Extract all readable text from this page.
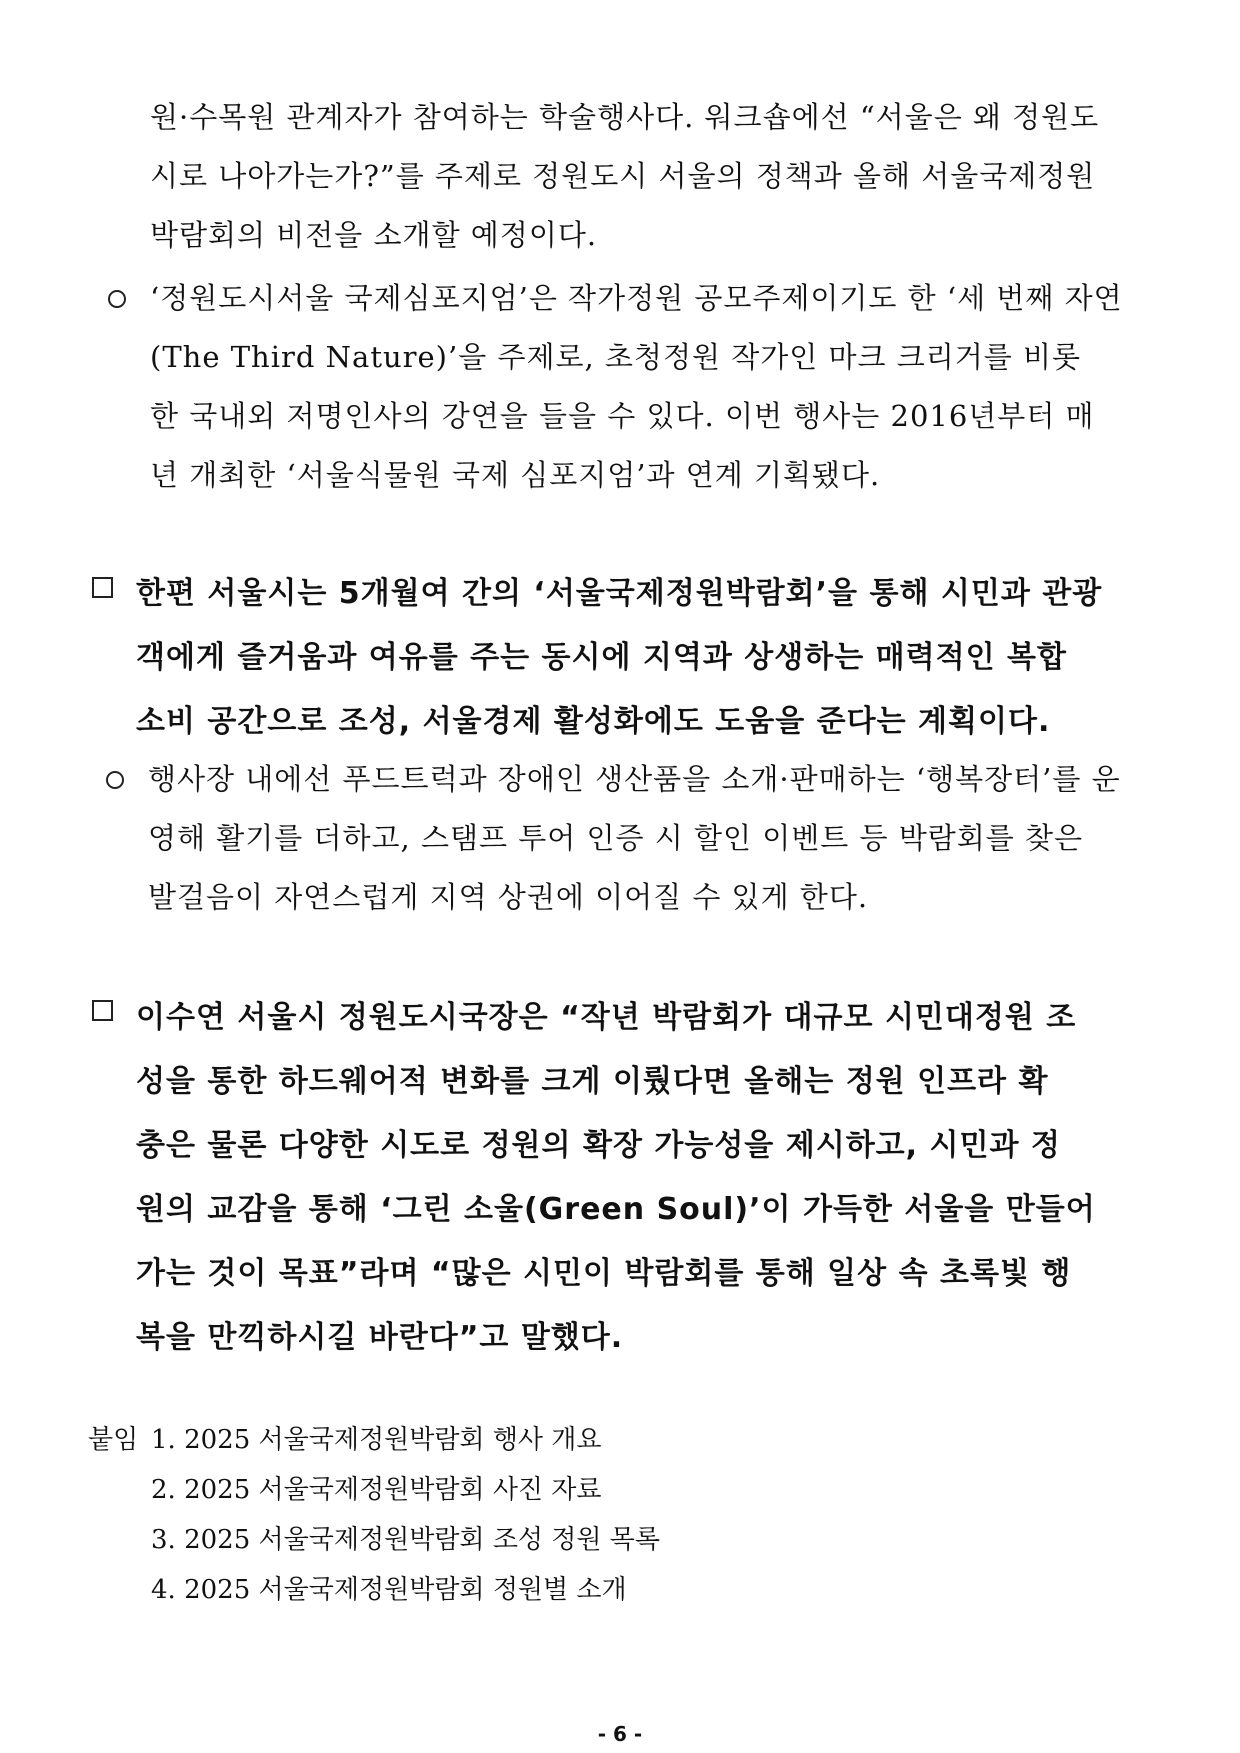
원·수목원 관계자가 참여하는 학술행사다. 워크숍에선 “서울은 왜 정원도
시로 나아가는가?”를 주제로 정원도시 서울의 정책과 올해 서울국제정원
박람회의 비전을 소개할 예정이다.
‘정원도시서울 국제심포지엄’은 작가정원 공모주제이기도 한 ‘세 번째 자연
(The Third Nature)’을 주제로, 초청정원 작가인 마크 크리거를 비롯
한 국내외 저명인사의 강연을 들을 수 있다. 이번 행사는 2016년부터 매
년 개최한 ‘서울식물원 국제 심포지엄’과 연계 기획됐다.
한편 서울시는 5개월여 간의 ‘서울국제정원박람회’을 통해 시민과 관광
객에게 즐거움과 여유를 주는 동시에 지역과 상생하는 매력적인 복합
소비 공간으로 조성, 서울경제 활성화에도 도움을 준다는 계획이다.
행사장 내에선 푸드트럭과 장애인 생산품을 소개·판매하는 ‘행복장터’를 운
영해 활기를 더하고, 스탬프 투어 인증 시 할인 이벤트 등 박람회를 찾은
발걸음이 자연스럽게 지역 상권에 이어질 수 있게 한다.
이수연 서울시 정원도시국장은 “작년 박람회가 대규모 시민대정원 조
성을 통한 하드웨어적 변화를 크게 이뤘다면 올해는 정원 인프라 확
충은 물론 다양한 시도로 정원의 확장 가능성을 제시하고, 시민과 정
원의 교감을 통해 ‘그린 소울(Green Soul)’이 가득한 서울을 만들어
가는 것이 목표”라며 “많은 시민이 박람회를 통해 일상 속 초록빛 행
복을 만끽하시길 바란다”고 말했다.
붙임 1. 2025 서울국제정원박람회 행사 개요
2. 2025 서울국제정원박람회 사진 자료
3. 2025 서울국제정원박람회 조성 정원 목록
4. 2025 서울국제정원박람회 정원별 소개
- 6 -
